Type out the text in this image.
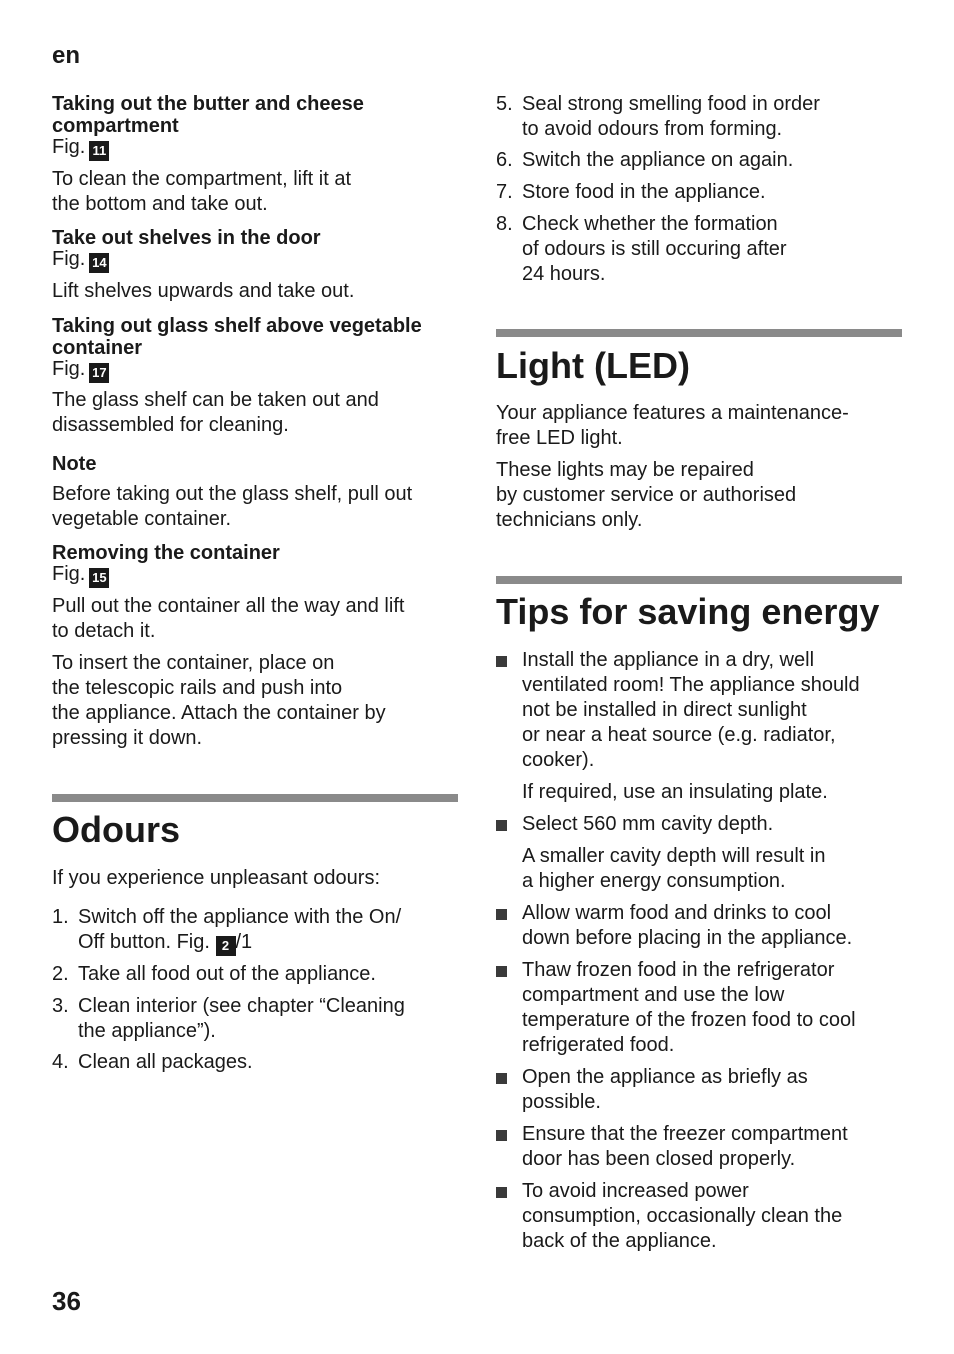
en
36
Taking out the butter and cheese
compartment
Fig. 11
To clean the compartment, lift it at
the bottom and take out.
Take out shelves in the door
Fig. 14
Lift shelves upwards and take out.
Taking out glass shelf above vegetable
container
Fig. 17
The glass shelf can be taken out and
disassembled for cleaning.
Note
Before taking out the glass shelf, pull out
vegetable container.
Removing the container
Fig. 15
Pull out the container all the way and lift
to detach it.
To insert the container, place on
the telescopic rails and push into
the appliance. Attach the container by
pressing it down.
Odours
If you experience unpleasant odours:
1. Switch off the appliance with the On/
Off button. Fig. 2 /1
2. Take all food out of the appliance.
3. Clean interior (see chapter “Cleaning
the appliance”).
4. Clean all packages.
5. Seal strong smelling food in order
to avoid odours from forming.
6. Switch the appliance on again.
7. Store food in the appliance.
8. Check whether the formation
of odours is still occuring after
24 hours.
Light (LED)
Your appliance features a maintenance-
free LED light.
These lights may be repaired
by customer service or authorised
technicians only.
Tips for saving energy
Install the appliance in a dry, well
ventilated room! The appliance should
not be installed in direct sunlight
or near a heat source (e.g. radiator,
cooker).
If required, use an insulating plate.
Select 560 mm cavity depth.
A smaller cavity depth will result in
a higher energy consumption.
Allow warm food and drinks to cool
down before placing in the appliance.
Thaw frozen food in the refrigerator
compartment and use the low
temperature of the frozen food to cool
refrigerated food.
Open the appliance as briefly as
possible.
Ensure that the freezer compartment
door has been closed properly.
To avoid increased power
consumption, occasionally clean the
back of the appliance.
